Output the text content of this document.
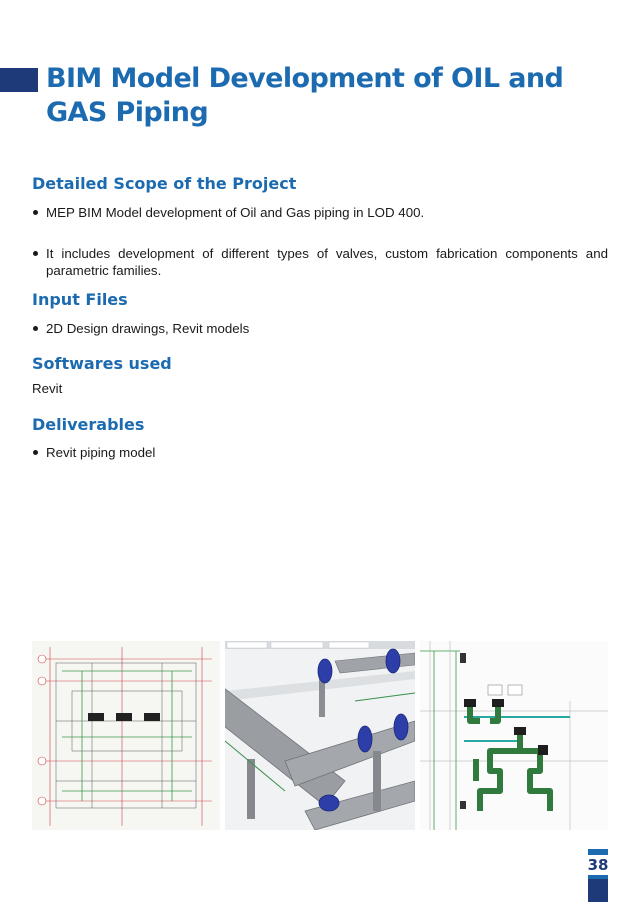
BIM Model Development of OIL and
GAS Piping
Detailed Scope of the Project
MEP BIM Model development of Oil and Gas piping in LOD 400.
It includes development of different types of valves, custom fabrication components and parametric families.
Input Files
2D Design drawings, Revit models
Softwares used
Revit
Deliverables
Revit piping model
38
